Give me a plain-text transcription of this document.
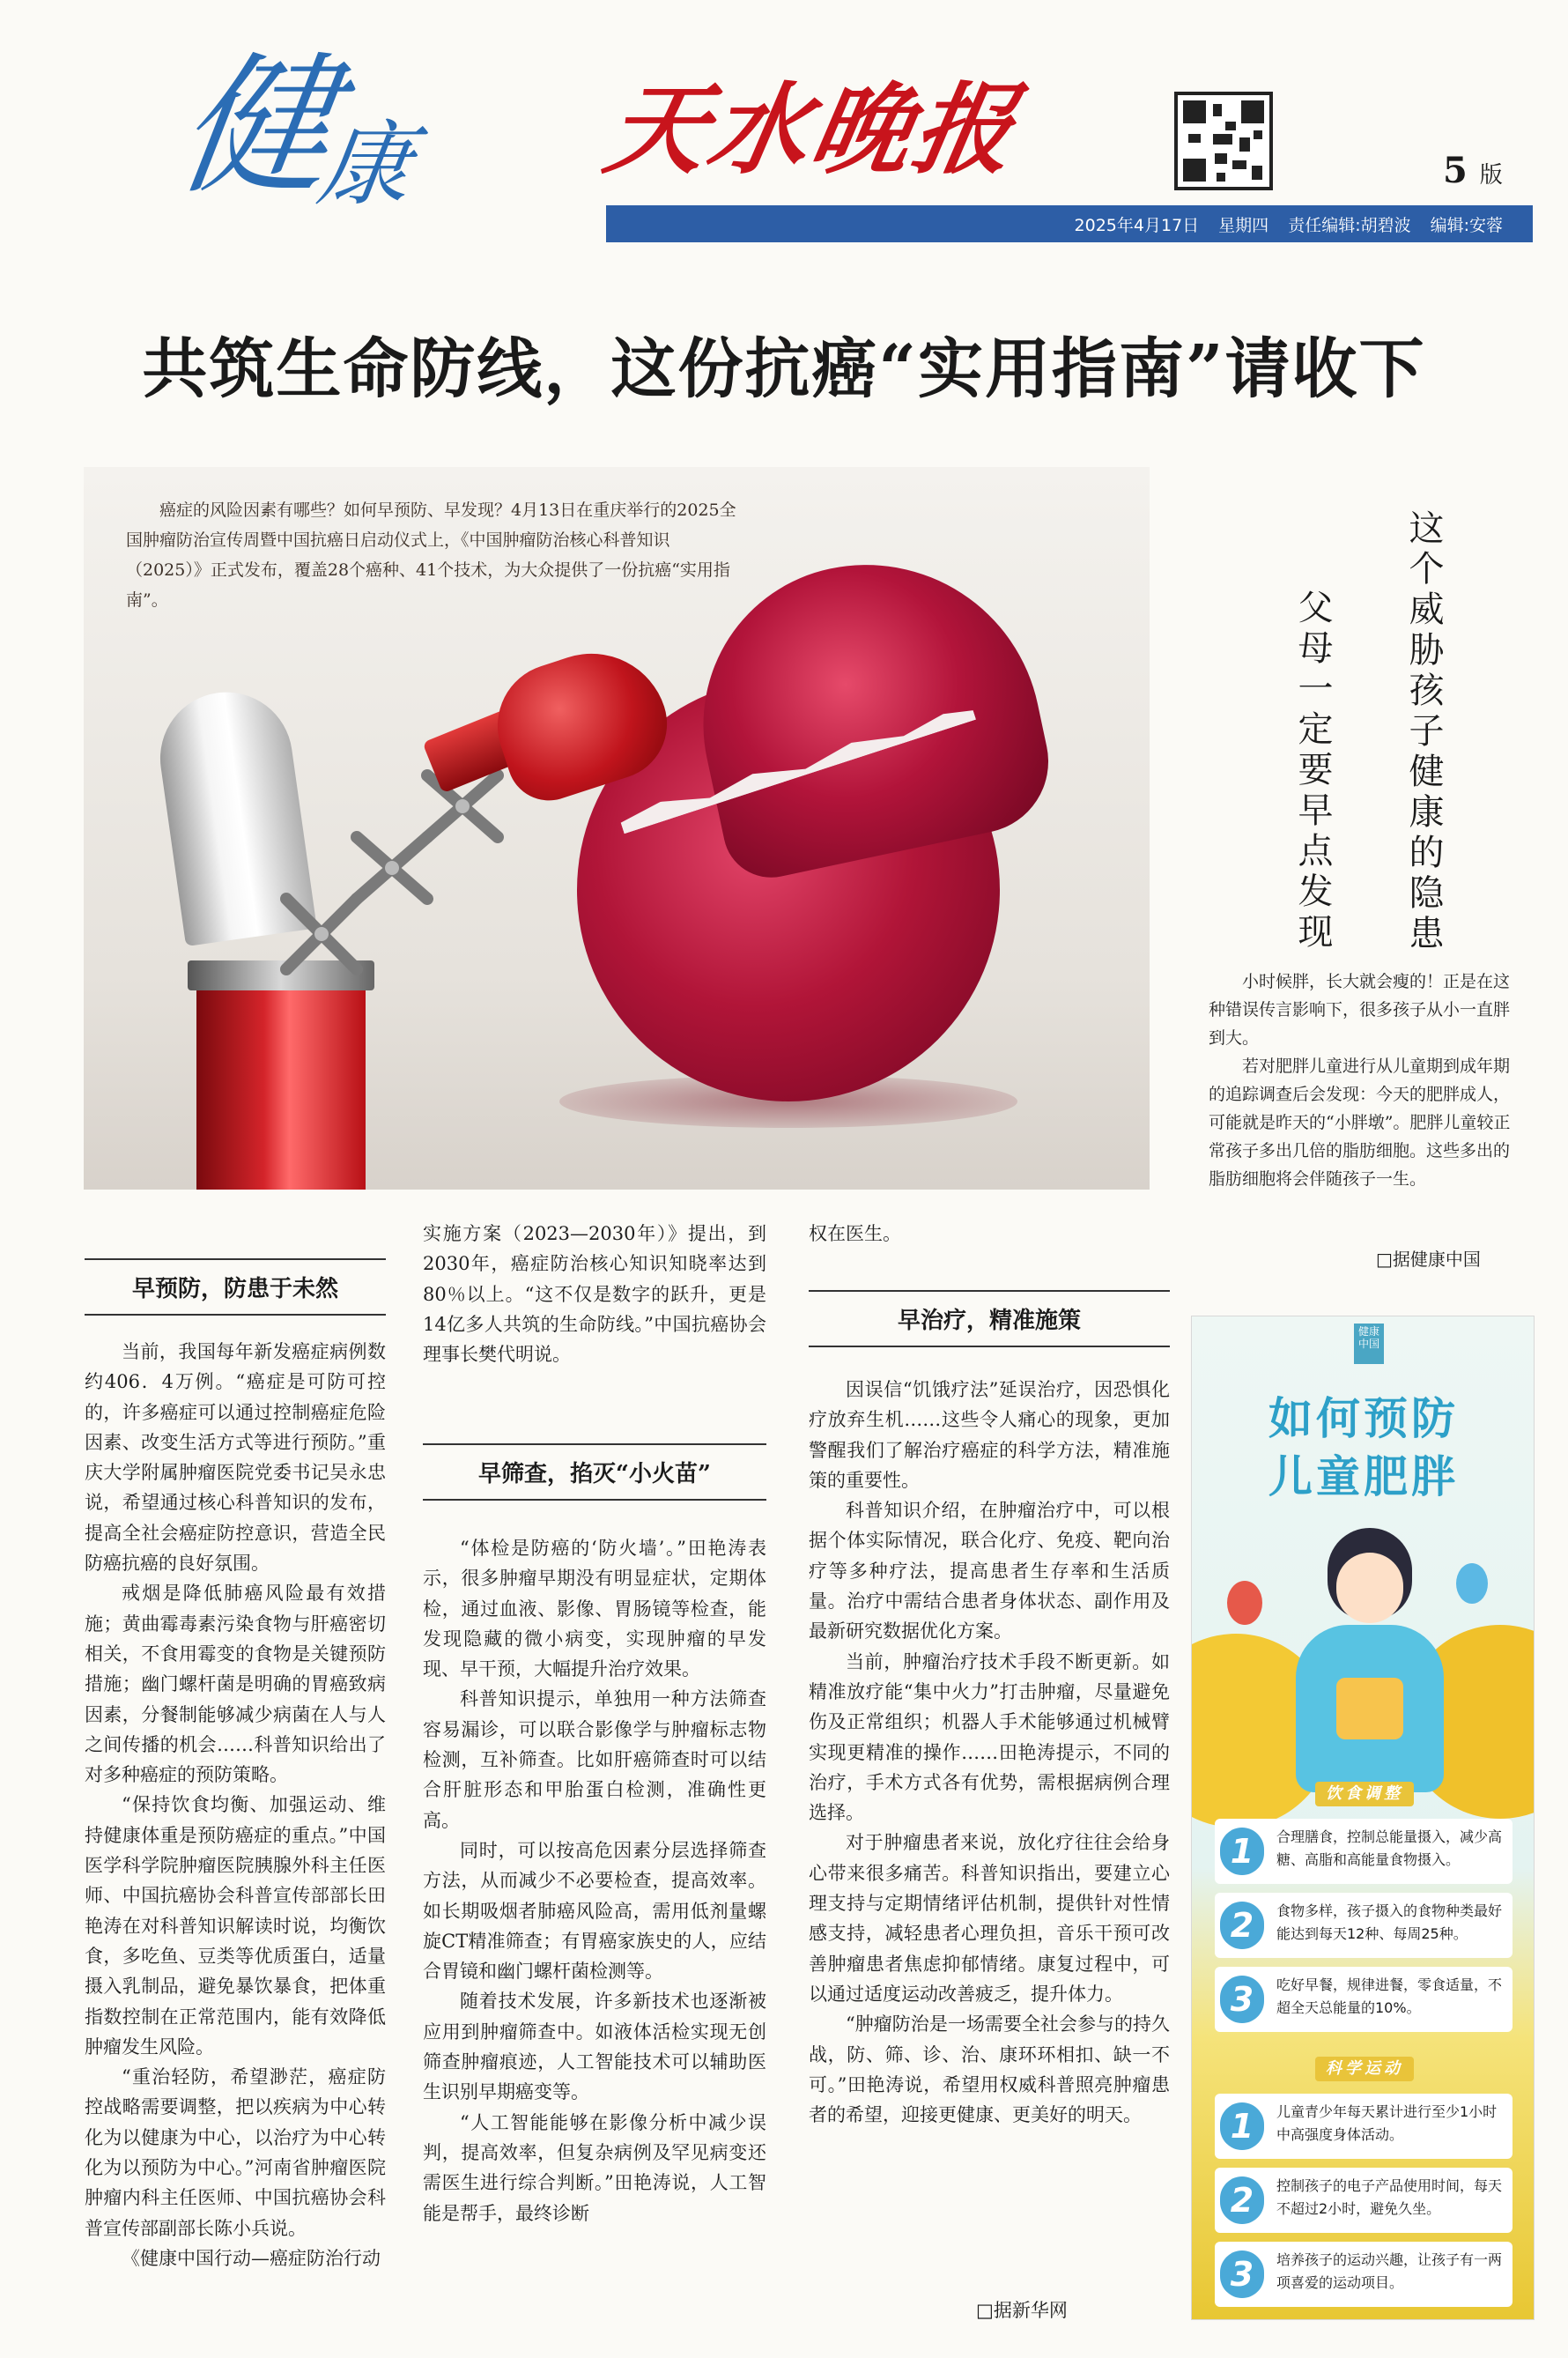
健康 天水晚报	5 版
2025年4月17日 星期四 责任编辑:胡碧波 编辑:安蓉
共筑生命防线，这份抗癌“实用指南”请收下

癌症的风险因素有哪些？如何早预防、早发现？4月13日在重庆举行的2025全国肿瘤防治宣传周暨中国抗癌日启动仪式上，《中国肿瘤防治核心科普知识（2025）》正式发布，覆盖28个癌种、41个技术，为大众提供了一份抗癌“实用指南”。	这个威胁孩子健康的隐患
父母一定要早点发现

小时候胖，长大就会瘦的！正是在这种错误传言影响下，很多孩子从小一直胖到大。

若对肥胖儿童进行从儿童期到成年期的追踪调查后会发现：今天的肥胖成人，可能就是昨天的“小胖墩”。肥胖儿童较正常孩子多出几倍的脂肪细胞。这些多出的脂肪细胞将会伴随孩子一生。

□据健康中国
健康中国
如何预防
儿童肥胖
饮食调整
1	合理膳食，控制总能量摄入，减少高糖、高脂和高能量食物摄入。
2	食物多样，孩子摄入的食物种类最好能达到每天12种、每周25种。
3	吃好早餐，规律进餐，零食适量，不超全天总能量的10%。
科学运动
1	儿童青少年每天累计进行至少1小时中高强度身体活动。
2	控制孩子的电子产品使用时间，每天不超过2小时，避免久坐。
3	培养孩子的运动兴趣，让孩子有一两项喜爱的运动项目。
早预防，防患于未然

当前，我国每年新发癌症病例数约406．4万例。“癌症是可防可控的，许多癌症可以通过控制癌症危险因素、改变生活方式等进行预防。”重庆大学附属肿瘤医院党委书记吴永忠说，希望通过核心科普知识的发布，提高全社会癌症防控意识，营造全民防癌抗癌的良好氛围。

戒烟是降低肺癌风险最有效措施；黄曲霉毒素污染食物与肝癌密切相关，不食用霉变的食物是关键预防措施；幽门螺杆菌是明确的胃癌致病因素，分餐制能够减少病菌在人与人之间传播的机会……科普知识给出了对多种癌症的预防策略。

“保持饮食均衡、加强运动、维持健康体重是预防癌症的重点。”中国医学科学院肿瘤医院胰腺外科主任医师、中国抗癌协会科普宣传部部长田艳涛在对科普知识解读时说，均衡饮食，多吃鱼、豆类等优质蛋白，适量摄入乳制品，避免暴饮暴食，把体重指数控制在正常范围内，能有效降低肿瘤发生风险。

“重治轻防，希望渺茫，癌症防控战略需要调整，把以疾病为中心转化为以健康为中心，以治疗为中心转化为以预防为中心。”河南省肿瘤医院肿瘤内科主任医师、中国抗癌协会科普宣传部副部长陈小兵说。

《健康中国行动—癌症防治行动

实施方案（2023—2030年）》提出，到2030年，癌症防治核心知识知晓率达到80％以上。“这不仅是数字的跃升，更是14亿多人共筑的生命防线。”中国抗癌协会理事长樊代明说。

早筛查，掐灭“小火苗”

“体检是防癌的‘防火墙’。”田艳涛表示，很多肿瘤早期没有明显症状，定期体检，通过血液、影像、胃肠镜等检查，能发现隐藏的微小病变，实现肿瘤的早发现、早干预，大幅提升治疗效果。

科普知识提示，单独用一种方法筛查容易漏诊，可以联合影像学与肿瘤标志物检测，互补筛查。比如肝癌筛查时可以结合肝脏形态和甲胎蛋白检测，准确性更高。

同时，可以按高危因素分层选择筛查方法，从而减少不必要检查，提高效率。如长期吸烟者肺癌风险高，需用低剂量螺旋CT精准筛查；有胃癌家族史的人，应结合胃镜和幽门螺杆菌检测等。

随着技术发展，许多新技术也逐渐被应用到肿瘤筛查中。如液体活检实现无创筛查肿瘤痕迹，人工智能技术可以辅助医生识别早期癌变等。

“人工智能能够在影像分析中减少误判，提高效率，但复杂病例及罕见病变还需医生进行综合判断。”田艳涛说，人工智能是帮手，最终诊断

权在医生。

早治疗，精准施策

因误信“饥饿疗法”延误治疗，因恐惧化疗放弃生机……这些令人痛心的现象，更加警醒我们了解治疗癌症的科学方法，精准施策的重要性。

科普知识介绍，在肿瘤治疗中，可以根据个体实际情况，联合化疗、免疫、靶向治疗等多种疗法，提高患者生存率和生活质量。治疗中需结合患者身体状态、副作用及最新研究数据优化方案。

当前，肿瘤治疗技术手段不断更新。如精准放疗能“集中火力”打击肿瘤，尽量避免伤及正常组织；机器人手术能够通过机械臂实现更精准的操作……田艳涛提示，不同的治疗，手术方式各有优势，需根据病例合理选择。

对于肿瘤患者来说，放化疗往往会给身心带来很多痛苦。科普知识指出，要建立心理支持与定期情绪评估机制，提供针对性情感支持，减轻患者心理负担，音乐干预可改善肿瘤患者焦虑抑郁情绪。康复过程中，可以通过适度运动改善疲乏，提升体力。

“肿瘤防治是一场需要全社会参与的持久战，防、筛、诊、治、康环环相扣、缺一不可。”田艳涛说，希望用权威科普照亮肿瘤患者的希望，迎接更健康、更美好的明天。

□据新华网
